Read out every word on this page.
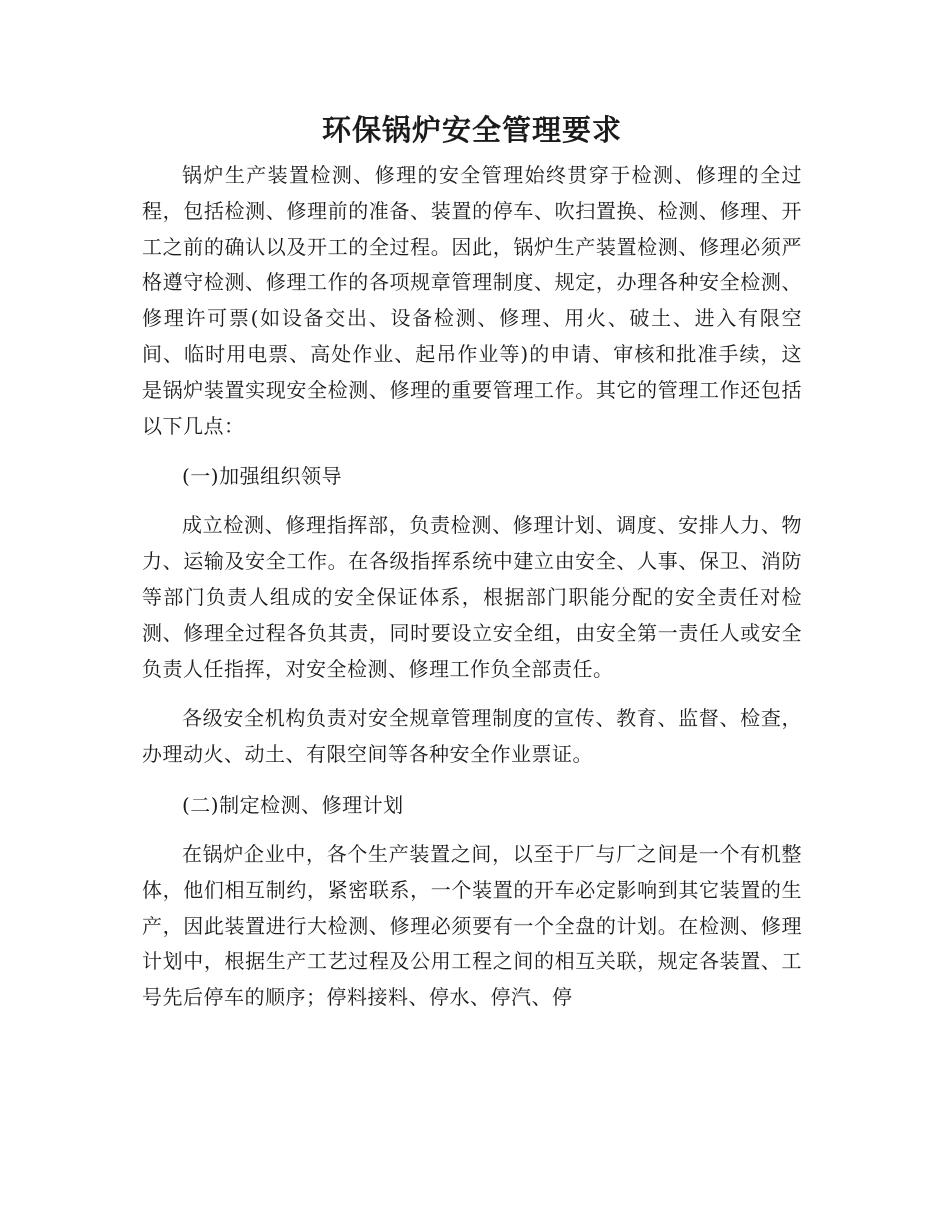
环保锅炉安全管理要求

锅炉生产装置检测、修理的安全管理始终贯穿于检测、修理的全过程，包括检测、修理前的准备、装置的停车、吹扫置换、检测、修理、开工之前的确认以及开工的全过程。因此，锅炉生产装置检测、修理必须严格遵守检测、修理工作的各项规章管理制度、规定，办理各种安全检测、修理许可票(如设备交出、设备检测、修理、用火、破土、进入有限空间、临时用电票、高处作业、起吊作业等)的申请、审核和批准手续，这是锅炉装置实现安全检测、修理的重要管理工作。其它的管理工作还包括以下几点：

(一)加强组织领导

成立检测、修理指挥部，负责检测、修理计划、调度、安排人力、物力、运输及安全工作。在各级指挥系统中建立由安全、人事、保卫、消防等部门负责人组成的安全保证体系，根据部门职能分配的安全责任对检测、修理全过程各负其责，同时要设立安全组，由安全第一责任人或安全负责人任指挥，对安全检测、修理工作负全部责任。

各级安全机构负责对安全规章管理制度的宣传、教育、监督、检查，办理动火、动土、有限空间等各种安全作业票证。

(二)制定检测、修理计划

在锅炉企业中，各个生产装置之间，以至于厂与厂之间是一个有机整体，他们相互制约，紧密联系，一个装置的开车必定影响到其它装置的生产，因此装置进行大检测、修理必须要有一个全盘的计划。在检测、修理计划中，根据生产工艺过程及公用工程之间的相互关联，规定各装置、工号先后停车的顺序；停料接料、停水、停汽、停
